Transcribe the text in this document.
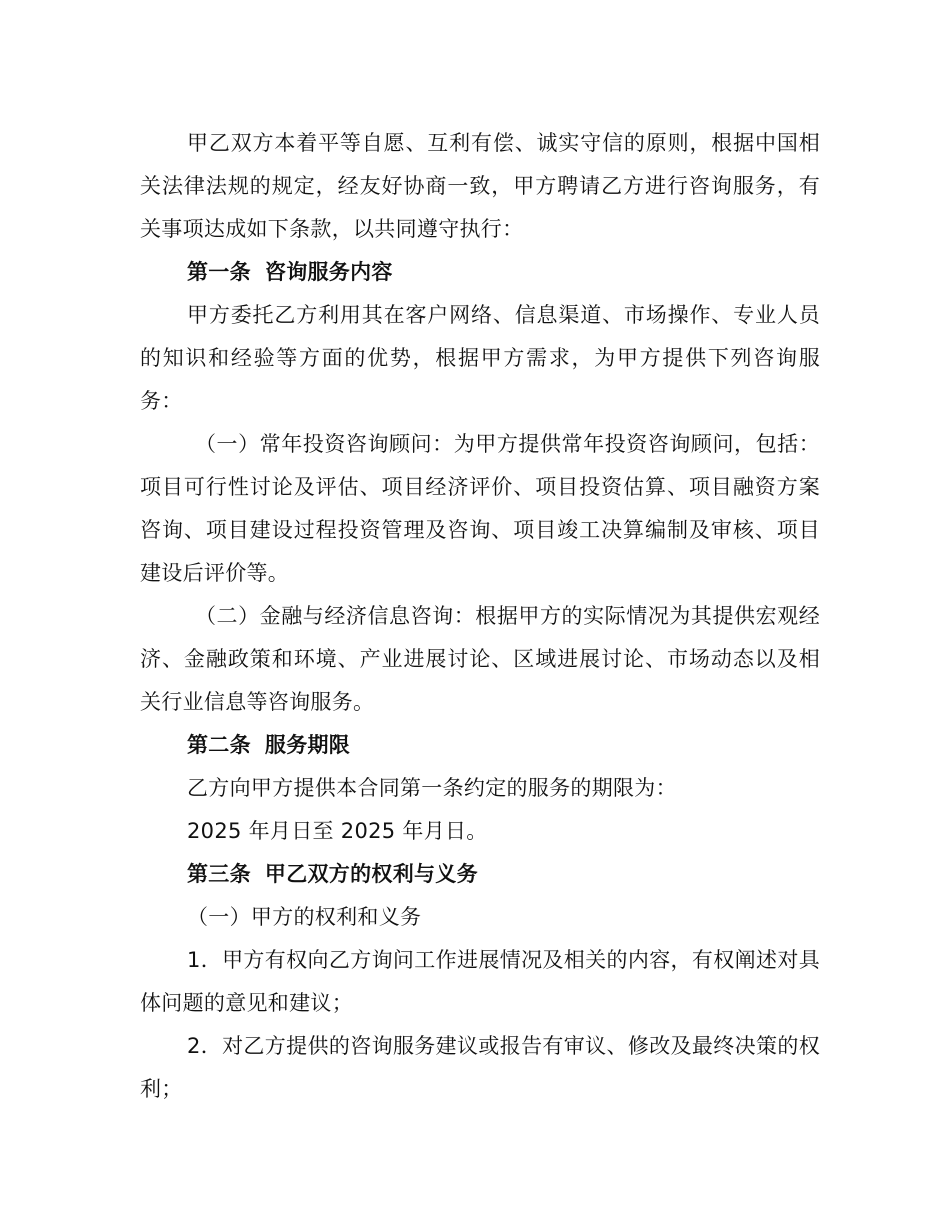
甲乙双方本着平等自愿、互利有偿、诚实守信的原则，根据中国相关法律法规的规定，经友好协商一致，甲方聘请乙方进行咨询服务，有关事项达成如下条款，以共同遵守执行：

第一条 咨询服务内容

甲方委托乙方利用其在客户网络、信息渠道、市场操作、专业人员的知识和经验等方面的优势，根据甲方需求，为甲方提供下列咨询服务：

（一）常年投资咨询顾问：为甲方提供常年投资咨询顾问，包括：项目可行性讨论及评估、项目经济评价、项目投资估算、项目融资方案咨询、项目建设过程投资管理及咨询、项目竣工决算编制及审核、项目建设后评价等。

（二）金融与经济信息咨询：根据甲方的实际情况为其提供宏观经济、金融政策和环境、产业进展讨论、区域进展讨论、市场动态以及相关行业信息等咨询服务。

第二条 服务期限

乙方向甲方提供本合同第一条约定的服务的期限为：

2025 年月日至 2025 年月日。

第三条 甲乙双方的权利与义务

（一）甲方的权利和义务

1．甲方有权向乙方询问工作进展情况及相关的内容，有权阐述对具体问题的意见和建议；

2．对乙方提供的咨询服务建议或报告有审议、修改及最终决策的权利；
